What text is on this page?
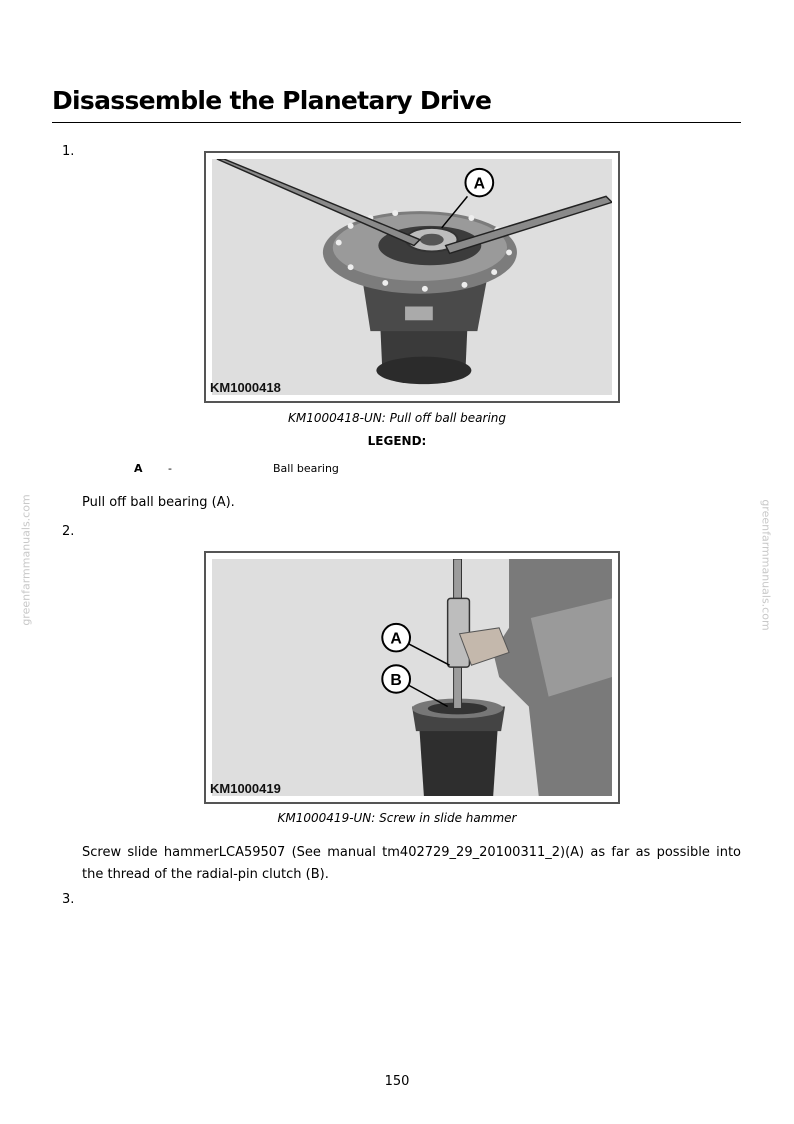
Disassemble the Planetary Drive
greenfarmmanuals.com	greenfarmmanuals.com
1.
A
KM1000418
KM1000418-UN: Pull off ball bearing
LEGEND:
A -	Ball bearing
Pull off ball bearing (A).
2.
A
B
KM1000419
KM1000419-UN: Screw in slide hammer
Screw slide hammerLCA59507 (See manual tm402729_29_20100311_2)(A) as far as possible into the thread of the radial-pin clutch (B).
3.
150
